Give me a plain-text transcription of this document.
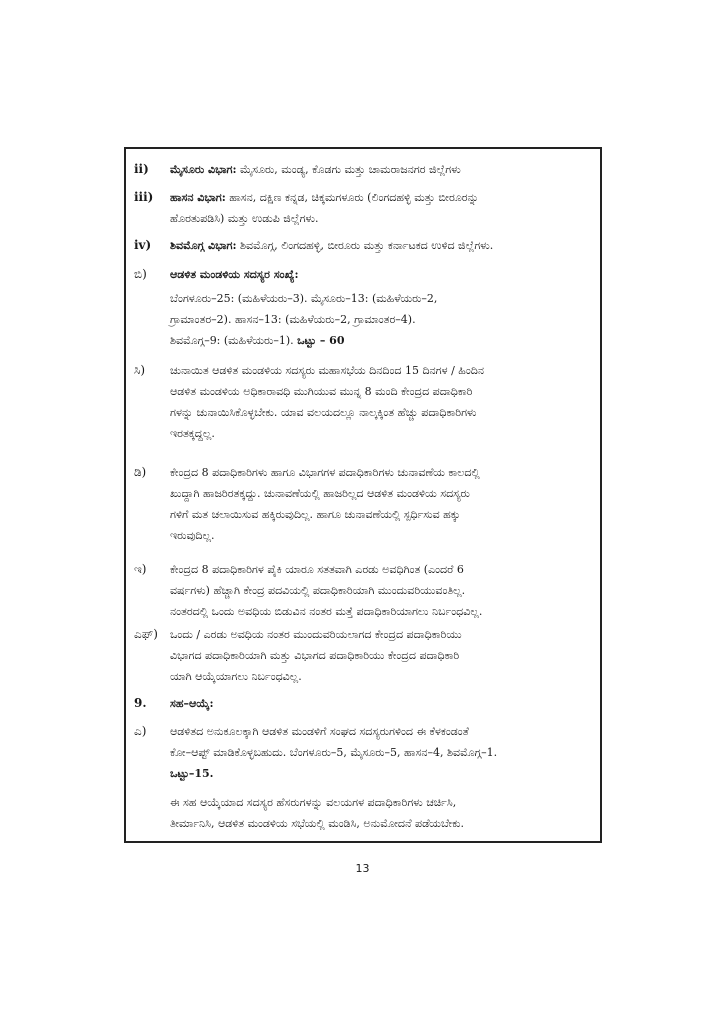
ii)	ಮೈಸೂರು ವಿಭಾಗ: ಮೈಸೂರು, ಮಂಡ್ಯ, ಕೊಡಗು ಮತ್ತು ಚಾಮರಾಜನಗರ ಜಿಲ್ಲೆಗಳು
iii)	ಹಾಸನ ವಿಭಾಗ: ಹಾಸನ, ದಕ್ಷಿಣ ಕನ್ನಡ, ಚಿಕ್ಕಮಗಳೂರು (ಲಿಂಗದಹಳ್ಳಿ ಮತ್ತು ಬೀರೂರನ್ನು
ಹೊರತುಪಡಿಸಿ) ಮತ್ತು ಉಡುಪಿ ಜಿಲ್ಲೆಗಳು.
iv)	ಶಿವಮೊಗ್ಗ ವಿಭಾಗ: ಶಿವಮೊಗ್ಗ, ಲಿಂಗದಹಳ್ಳಿ, ಬೀರೂರು ಮತ್ತು ಕರ್ನಾಟಕದ ಉಳಿದ ಜಿಲ್ಲೆಗಳು.
ಬಿ)	ಆಡಳಿತ ಮಂಡಳಿಯ ಸದಸ್ಯರ ಸಂಖ್ಯೆ:
ಬೆಂಗಳೂರು–25: (ಮಹಿಳೆಯರು–3). ಮೈಸೂರು–13: (ಮಹಿಳೆಯರು–2,
ಗ್ರಾಮಾಂತರ–2). ಹಾಸನ–13: (ಮಹಿಳೆಯರು–2, ಗ್ರಾಮಾಂತರ–4).
ಶಿವಮೊಗ್ಗ–9: (ಮಹಿಳೆಯರು–1). ಒಟ್ಟು – 60
ಸಿ)	ಚುನಾಯಿತ ಆಡಳಿತ ಮಂಡಳಿಯ ಸದಸ್ಯರು ಮಹಾಸಭೆಯ ದಿನದಿಂದ 15 ದಿನಗಳ / ಹಿಂದಿನ
ಆಡಳಿತ ಮಂಡಳಿಯ ಅಧಿಕಾರಾವಧಿ ಮುಗಿಯುವ ಮುನ್ನ 8 ಮಂದಿ ಕೇಂದ್ರದ ಪದಾಧಿಕಾರಿ
ಗಳನ್ನು ಚುನಾಯಿಸಿಕೊಳ್ಳಬೇಕು. ಯಾವ ವಲಯದಲ್ಲೂ ನಾಲ್ಕಕ್ಕಿಂತ ಹೆಚ್ಚು ಪದಾಧಿಕಾರಿಗಳು
ಇರತಕ್ಕದ್ದಲ್ಲ.
ಡಿ)	ಕೇಂದ್ರದ 8 ಪದಾಧಿಕಾರಿಗಳು ಹಾಗೂ ವಿಭಾಗಗಳ ಪದಾಧಿಕಾರಿಗಳು ಚುನಾವಣೆಯ ಕಾಲದಲ್ಲಿ
ಖುದ್ದಾಗಿ ಹಾಜರಿರತಕ್ಕದ್ದು. ಚುನಾವಣೆಯಲ್ಲಿ ಹಾಜರಿಲ್ಲದ ಆಡಳಿತ ಮಂಡಳಿಯ ಸದಸ್ಯರು
ಗಳಿಗೆ ಮತ ಚಲಾಯಿಸುವ ಹಕ್ಕಿರುವುದಿಲ್ಲ. ಹಾಗೂ ಚುನಾವಣೆಯಲ್ಲಿ ಸ್ಪರ್ಧಿಸುವ ಹಕ್ಕು
ಇರುವುದಿಲ್ಲ.
ಇ)	ಕೇಂದ್ರದ 8 ಪದಾಧಿಕಾರಿಗಳ ಪೈಕಿ ಯಾರೂ ಸತತವಾಗಿ ಎರಡು ಅವಧಿಗಿಂತ (ಎಂದರೆ 6
ವರ್ಷಗಳು) ಹೆಚ್ಚಾಗಿ ಕೇಂದ್ರ ಪದವಿಯಲ್ಲಿ ಪದಾಧಿಕಾರಿಯಾಗಿ ಮುಂದುವರಿಯುವಂತಿಲ್ಲ.
ನಂತರದಲ್ಲಿ ಒಂದು ಅವಧಿಯ ಬಿಡುವಿನ ನಂತರ ಮತ್ತೆ ಪದಾಧಿಕಾರಿಯಾಗಲು ನಿರ್ಬಂಧವಿಲ್ಲ.
ಎಫ್)	ಒಂದು / ಎರಡು ಅವಧಿಯ ನಂತರ ಮುಂದುವರಿಯಲಾಗದ ಕೇಂದ್ರದ ಪದಾಧಿಕಾರಿಯು
ವಿಭಾಗದ ಪದಾಧಿಕಾರಿಯಾಗಿ ಮತ್ತು ವಿಭಾಗದ ಪದಾಧಿಕಾರಿಯು ಕೇಂದ್ರದ ಪದಾಧಿಕಾರಿ
ಯಾಗಿ ಆಯ್ಕೆಯಾಗಲು ನಿರ್ಬಂಧವಿಲ್ಲ.
9.	ಸಹ–ಆಯ್ಕೆ:
ಎ)	ಆಡಳಿತದ ಅನುಕೂಲಕ್ಕಾಗಿ ಆಡಳಿತ ಮಂಡಳಿಗೆ ಸಂಘದ ಸದಸ್ಯರುಗಳಿಂದ ಈ ಕೆಳಕಂಡಂತೆ
ಕೋ–ಆಪ್ಟ್ ಮಾಡಿಕೊಳ್ಳಬಹುದು. ಬೆಂಗಳೂರು–5, ಮೈಸೂರು–5, ಹಾಸನ–4, ಶಿವಮೊಗ್ಗ–1.
ಒಟ್ಟು–15.
ಈ ಸಹ ಆಯ್ಕೆಯಾದ ಸದಸ್ಯರ ಹೆಸರುಗಳನ್ನು ವಲಯಗಳ ಪದಾಧಿಕಾರಿಗಳು ಚರ್ಚಿಸಿ,
ತೀರ್ಮಾನಿಸಿ, ಆಡಳಿತ ಮಂಡಳಿಯ ಸಭೆಯಲ್ಲಿ ಮಂಡಿಸಿ, ಅನುಮೋದನೆ ಪಡೆಯಬೇಕು.
13
